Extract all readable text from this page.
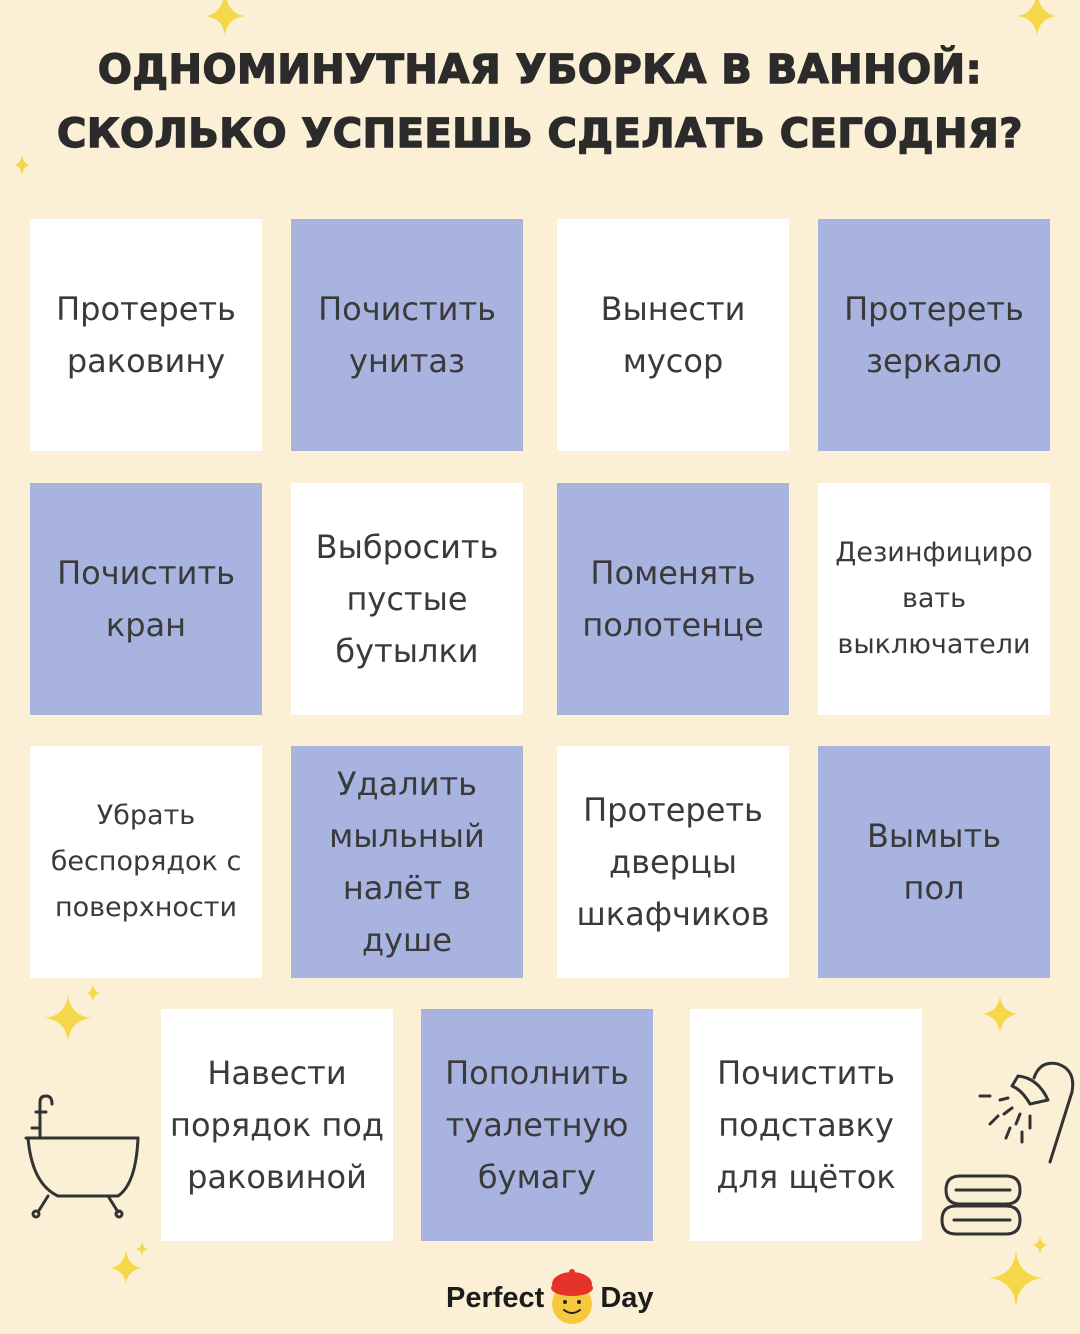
ОДНОМИНУТНАЯ УБОРКА В ВАННОЙ:
СКОЛЬКО УСПЕЕШЬ СДЕЛАТЬ СЕГОДНЯ?
Протереть
раковину
Почистить
унитаз
Вынести
мусор
Протереть
зеркало
Почистить
кран
Выбросить
пустые
бутылки
Поменять
полотенце
Дезинфициро
вать
выключатели
Убрать
беспорядок с
поверхности
Удалить
мыльный
налёт в
душе
Протереть
дверцы
шкафчиков
Вымыть
пол
Навести
порядок под
раковиной
Пополнить
туалетную
бумагу
Почистить
подставку
для щёток
Perfect Day
